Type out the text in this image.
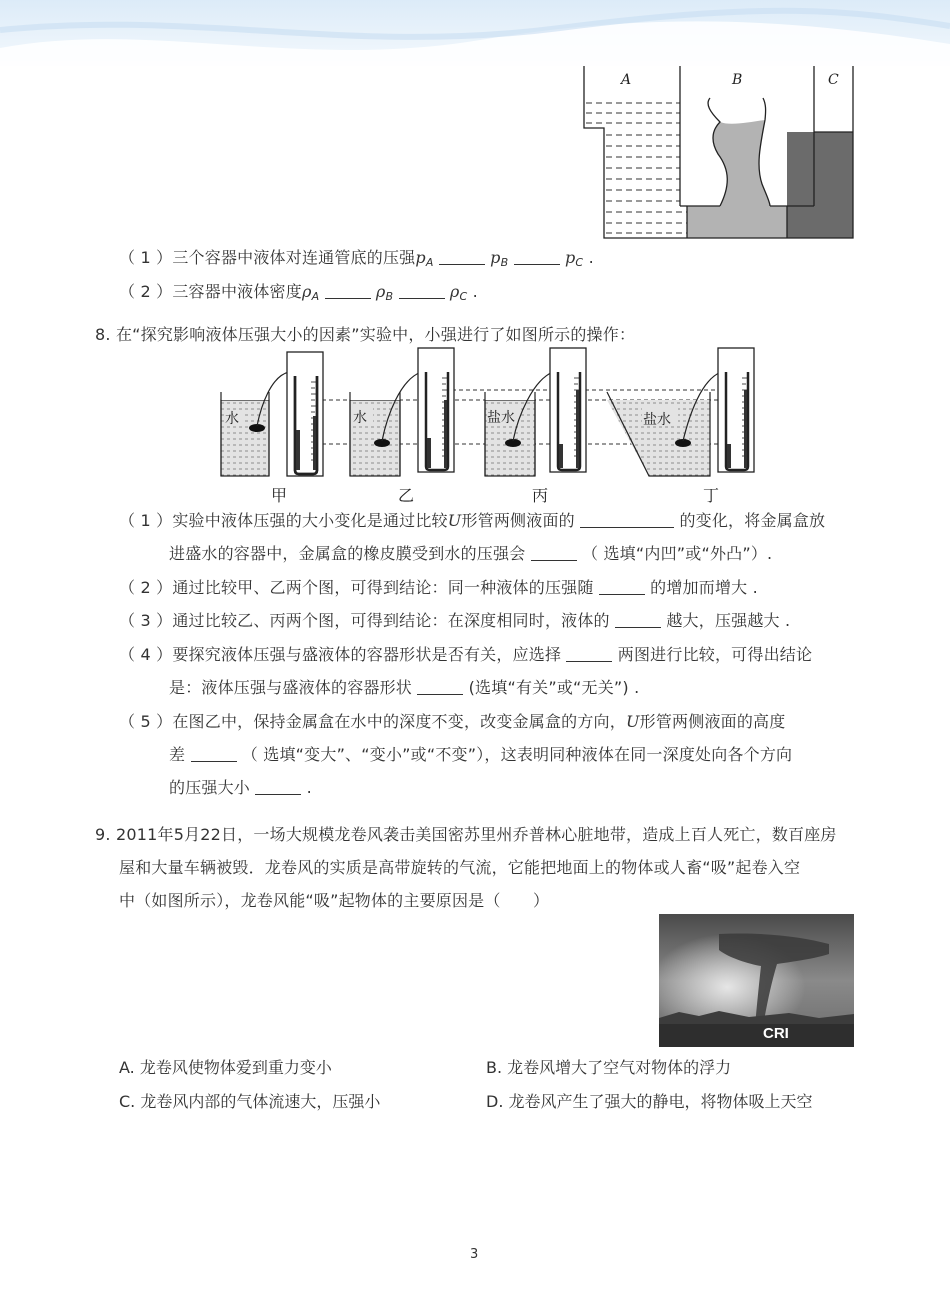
A	B	C
（ 1 ）三个容器中液体对连通管底的压强$p_A$	$p_B$	$p_C$ .
（ 2 ）三容器中液体密度$\rho_A$	$\rho_B$	$\rho_C$ .
8. 在“探究影响液体压强大小的因素”实验中，小强进行了如图所示的操作：
水	水	盐水	盐水
甲	乙	丙	丁
（ 1 ）实验中液体压强的大小变化是通过比较U形管两侧液面的	的变化，将金属盒放
进盛水的容器中，金属盒的橡皮膜受到水的压强会	（ 选填“内凹”或“外凸”）.
（ 2 ）通过比较甲、乙两个图，可得到结论：同一种液体的压强随	的增加而增大 .
（ 3 ）通过比较乙、丙两个图，可得到结论：在深度相同时，液体的	越大，压强越大 .
（ 4 ）要探究液体压强与盛液体的容器形状是否有关，应选择	两图进行比较，可得出结论
是：液体压强与盛液体的容器形状	(选填“有关”或“无关”) .
（ 5 ）在图乙中，保持金属盒在水中的深度不变，改变金属盒的方向，U形管两侧液面的高度
差	（ 选填“变大”、“变小”或“不变”），这表明同种液体在同一深度处向各个方向
的压强大小	.
9. 2011年5月22日，一场大规模龙卷风袭击美国密苏里州乔普林心脏地带，造成上百人死亡，数百座房
屋和大量车辆被毁．龙卷风的实质是高带旋转的气流，它能把地面上的物体或人畜“吸”起卷入空
中（如图所示），龙卷风能“吸”起物体的主要原因是（　　）
CRI
A. 龙卷风使物体爱到重力变小	B. 龙卷风增大了空气对物体的浮力
C. 龙卷风内部的气体流速大，压强小	D. 龙卷风产生了强大的静电，将物体吸上天空
3
